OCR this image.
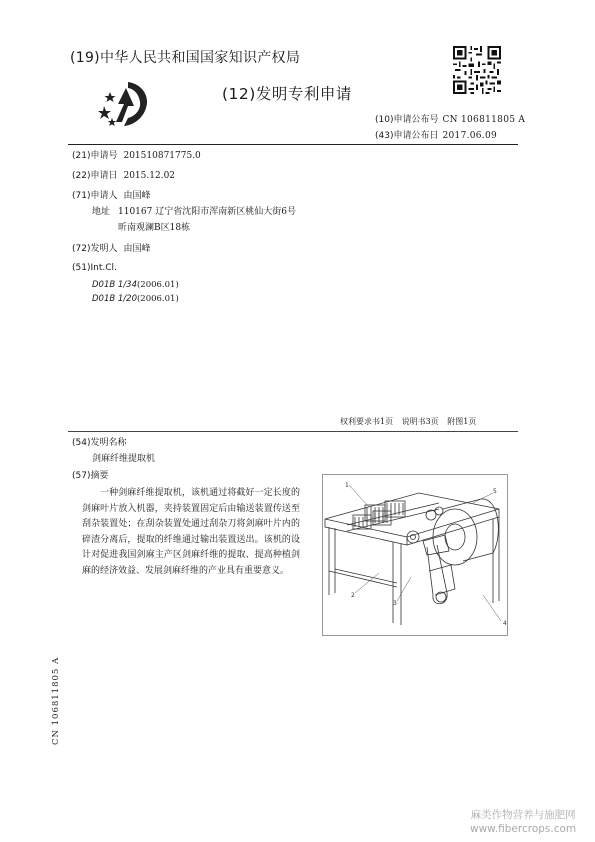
(19)中华人民共和国国家知识产权局
(12)发明专利申请
(10)申请公布号 CN 106811805 A
(43)申请公布日 2017.06.09
(21)申请号 201510871775.0
(22)申请日 2015.12.02
(71)申请人 由国峰
地址 110167 辽宁省沈阳市浑南新区桃仙大街6号昕南观澜B区18栋
(72)发明人 由国峰
(51)Int.Cl.
D01B 1/34(2006.01)
D01B 1/20(2006.01)
权利要求书1页 说明书3页 附图1页
(54)发明名称
剑麻纤维提取机
(57)摘要
一种剑麻纤维提取机，该机通过将截好一定长度的剑麻叶片放入机器，夹持装置固定后由输送装置传送至刮杂装置处；在刮杂装置处通过刮杂刀将剑麻叶片内的碎渣分离后，提取的纤维通过输出装置送出。该机的设计对促进我国剑麻主产区剑麻纤维的提取、提高种植剑麻的经济效益、发展剑麻纤维的产业具有重要意义。
1
2
3
4
5
CN 106811805 A
麻类作物营养与施肥网
www.fibercrops.com
